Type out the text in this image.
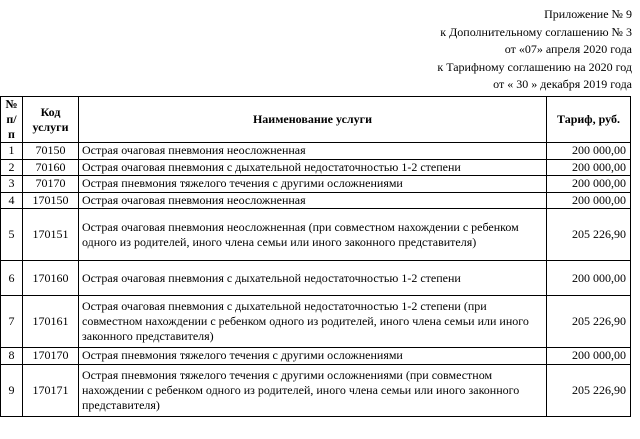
Приложение № 9
к Дополнительному соглашению № 3
от «07» апреля 2020 года
к Тарифному соглашению на 2020 год
от « 30 » декабря 2019 года
№ п/п	Код услуги	Наименование услуги	Тариф, руб.
1	70150	Острая очаговая пневмония неосложненная	200 000,00
2	70160	Острая очаговая пневмония с дыхательной недостаточностью 1-2 степени	200 000,00
3	70170	Острая пневмония тяжелого течения с другими осложнениями	200 000,00
4	170150	Острая очаговая пневмония неосложненная	200 000,00
5	170151	Острая очаговая пневмония неосложненная (при совместном нахождении с ребенком одного из родителей, иного члена семьи или иного законного представителя)	205 226,90
6	170160	Острая очаговая пневмония с дыхательной недостаточностью 1-2 степени	200 000,00
7	170161	Острая очаговая пневмония с дыхательной недостаточностью 1-2 степени (при совместном нахождении с ребенком одного из родителей, иного члена семьи или иного законного представителя)	205 226,90
8	170170	Острая пневмония тяжелого течения с другими осложнениями	200 000,00
9	170171	Острая пневмония тяжелого течения с другими осложнениями (при совместном нахождении с ребенком одного из родителей, иного члена семьи или иного законного представителя)	205 226,90
